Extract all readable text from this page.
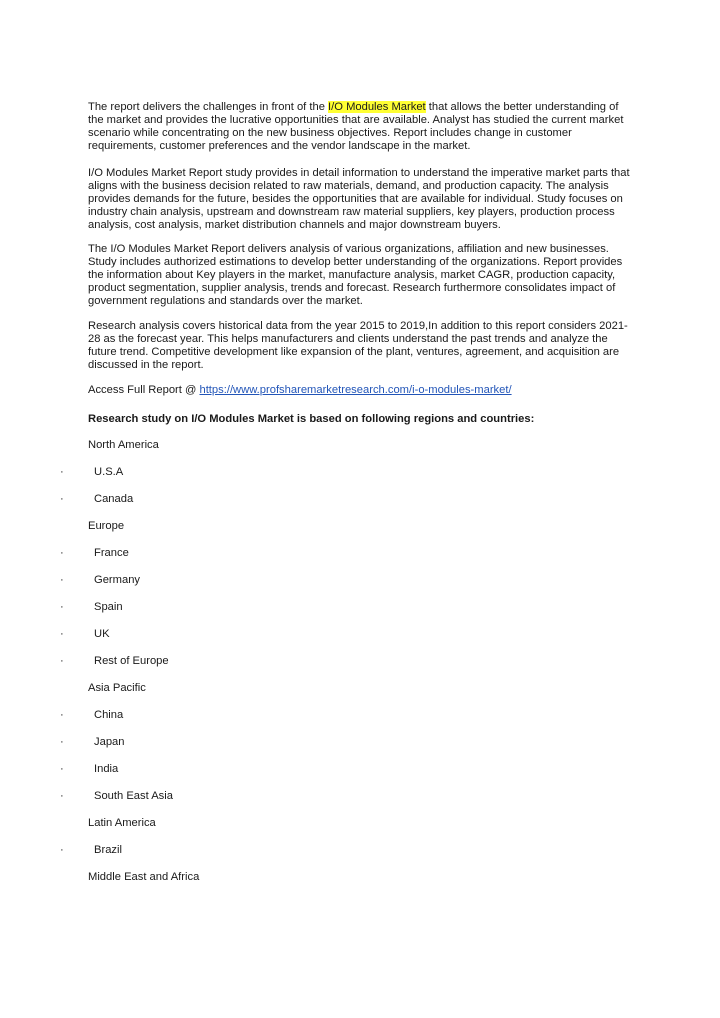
The report delivers the challenges in front of the I/O Modules Market that allows the better understanding of the market and provides the lucrative opportunities that are available. Analyst has studied the current market scenario while concentrating on the new business objectives. Report includes change in customer requirements, customer preferences and the vendor landscape in the market.

I/O Modules Market Report study provides in detail information to understand the imperative market parts that aligns with the business decision related to raw materials, demand, and production capacity. The analysis provides demands for the future, besides the opportunities that are available for individual. Study focuses on industry chain analysis, upstream and downstream raw material suppliers, key players, production process analysis, cost analysis, market distribution channels and major downstream buyers.

The I/O Modules Market Report delivers analysis of various organizations, affiliation and new businesses. Study includes authorized estimations to develop better understanding of the organizations. Report provides the information about Key players in the market, manufacture analysis, market CAGR, production capacity, product segmentation, supplier analysis, trends and forecast. Research furthermore consolidates impact of government regulations and standards over the market.

Research analysis covers historical data from the year 2015 to 2019,In addition to this report considers 2021-28 as the forecast year. This helps manufacturers and clients understand the past trends and analyze the future trend. Competitive development like expansion of the plant, ventures, agreement, and acquisition are discussed in the report.

Access Full Report @ https://www.profsharemarketresearch.com/i-o-modules-market/

Research study on I/O Modules Market is based on following regions and countries:

North America

·	U.S.A
·	Canada

Europe

·	France
·	Germany
·	Spain
·	UK
·	Rest of Europe

Asia Pacific

·	China
·	Japan
·	India
·	South East Asia

Latin America

·	Brazil

Middle East and Africa
